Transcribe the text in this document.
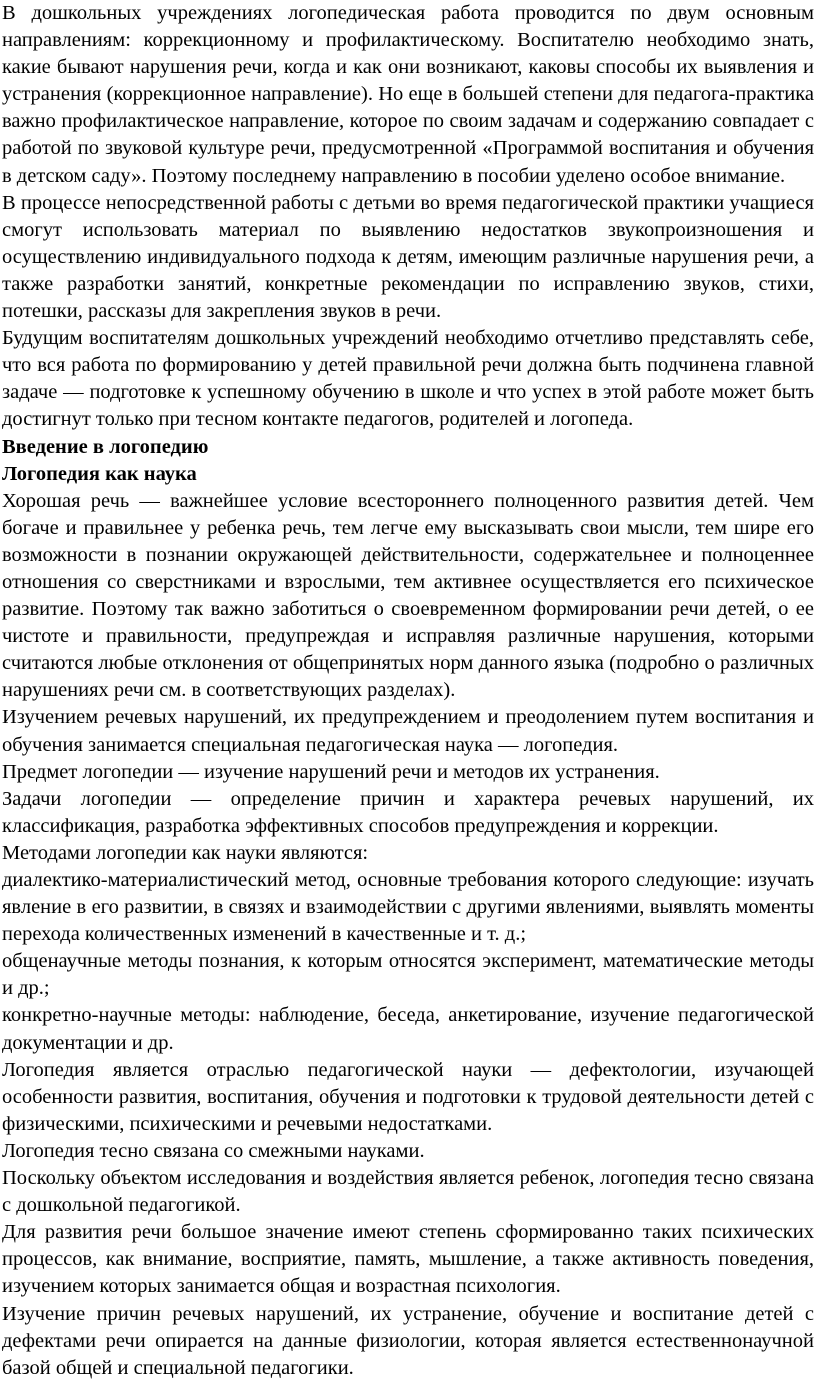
В дошкольных учреждениях логопедическая работа проводится по двум основным направлениям: коррекционному и профилактическому. Воспитателю необходимо знать, какие бывают нарушения речи, когда и как они возникают, каковы способы их выявления и устранения (коррекционное направление). Но еще в большей степени для педагога-практика важно профилактическое направление, которое по своим задачам и содержанию совпадает с работой по звуковой культуре речи, предусмотренной «Программой воспитания и обучения в детском саду». Поэтому последнему направлению в пособии уделено особое внимание.

В процессе непосредственной работы с детьми во время педагогической практики учащиеся смогут использовать материал по выявлению недостатков звукопроизношения и осуществлению индивидуального подхода к детям, имеющим различные нарушения речи, а также разработки занятий, конкретные рекомендации по исправлению звуков, стихи, потешки, рассказы для закрепления звуков в речи.

Будущим воспитателям дошкольных учреждений необходимо отчетливо представлять себе, что вся работа по формированию у детей правильной речи должна быть подчинена главной задаче — подготовке к успешному обучению в школе и что успех в этой работе может быть достигнут только при тесном контакте педагогов, родителей и логопеда.

Введение в логопедию
Логопедия как наука

Хорошая речь — важнейшее условие всестороннего полноценного развития детей. Чем богаче и правильнее у ребенка речь, тем легче ему высказывать свои мысли, тем шире его возможности в познании окружающей действительности, содержательнее и полноценнее отношения со сверстниками и взрослыми, тем активнее осуществляется его психическое развитие. Поэтому так важно заботиться о своевременном формировании речи детей, о ее чистоте и правильности, предупреждая и исправляя различные нарушения, которыми считаются любые отклонения от общепринятых норм данного языка (подробно о различных нарушениях речи см. в соответствующих разделах).

Изучением речевых нарушений, их предупреждением и преодолением путем воспитания и обучения занимается специальная педагогическая наука — логопедия.

Предмет логопедии — изучение нарушений речи и методов их устранения.

Задачи логопедии — определение причин и характера речевых нарушений, их классификация, разработка эффективных способов предупреждения и коррекции.

Методами логопедии как науки являются:

диалектико-материалистический метод, основные требования которого следующие: изучать явление в его развитии, в связях и взаимодействии с другими явлениями, выявлять моменты перехода количественных изменений в качественные и т. д.;

общенаучные методы познания, к которым относятся эксперимент, математические методы и др.;

конкретно-научные методы: наблюдение, беседа, анкетирование, изучение педагогической документации и др.

Логопедия является отраслью педагогической науки — дефектологии, изучающей особенности развития, воспитания, обучения и подготовки к трудовой деятельности детей с физическими, психическими и речевыми недостатками.

Логопедия тесно связана со смежными науками.

Поскольку объектом исследования и воздействия является ребенок, логопедия тесно связана с дошкольной педагогикой.

Для развития речи большое значение имеют степень сформированно таких психических процессов, как внимание, восприятие, память, мышление, а также активность поведения, изучением которых занимается общая и возрастная психология.

Изучение причин речевых нарушений, их устранение, обучение и воспитание детей с дефектами речи опирается на данные физиологии, которая является естественнонаучной базой общей и специальной педагогики.
